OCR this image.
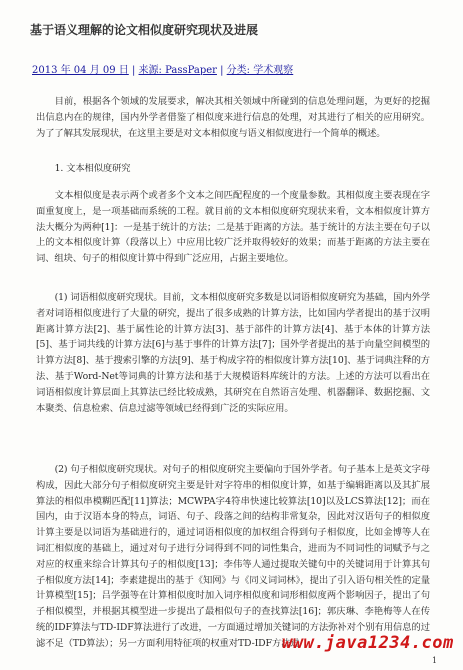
基于语义理解的论文相似度研究现状及进展
2013 年 04 月 09 日 | 来源: PassPaper | 分类: 学术观察

目前，根据各个领域的发展要求，解决其相关领域中所碰到的信息处理问题，为更好的挖掘出信息内在的规律，国内外学者借鉴了相似度来进行信息的处理，对其进行了相关的应用研究。为了了解其发展现状，在这里主要是对文本相似度与语义相似度进行一个简单的概述。

1. 文本相似度研究

文本相似度是表示两个或者多个文本之间匹配程度的一个度量参数。其相似度主要表现在字面重复度上，是一项基础而系统的工程。就目前的文本相似度研究现状来看，文本相似度计算方法大概分为两种[1]：一是基于统计的方法；二是基于距离的方法。基于统计的方法主要在句子以上的文本相似度计算（段落以上）中应用比较广泛并取得较好的效果；而基于距离的方法主要在词、组块、句子的相似度计算中得到广泛应用，占据主要地位。

(1) 词语相似度研究现状。目前，文本相似度研究多数是以词语相似度研究为基础，国内外学者对词语相似度进行了大量的研究，提出了很多成熟的计算方法，比如国内学者提出的基于汉明距离计算方法[2]、基于属性论的计算方法[3]、基于部件的计算方法[4]、基于本体的计算方法[5]、基于词共线的计算方法[6]与基于事件的计算方法[7]；国外学者提出的基于向量空间模型的计算方法[8]、基于搜索引擎的方法[9]、基于构成字符的相似度计算方法[10]、基于词典注释的方法、基于Word-Net等词典的计算方法和基于大规模语料库统计的方法。上述的方法可以看出在词语相似度计算层面上其算法已经比较成熟，其研究在自然语言处理、机器翻译、数据挖掘、文本聚类、信息检索、信息过滤等领域已经得到广泛的实际应用。

(2) 句子相似度研究现状。对句子的相似度研究主要偏向于国外学者。句子基本上是英文字母构成，因此大部分句子相似度研究主要是针对字符串的相似度计算，如基于编辑距离以及其扩展算法的相似串模糊匹配[11]算法；MCWPA字4符串快速比较算法[10]以及LCS算法[12]；而在国内，由于汉语本身的特点，词语、句子、段落之间的结构非常复杂，因此对汉语句子的相似度计算主要是以词语为基础进行的，通过词语相似度的加权组合得到句子相似度，比如金博等人在词汇相似度的基础上，通过对句子进行分词得到不同的词性集合，进而为不同词性的词赋予与之对应的权重来综合计算其句子的相似度[13]；李伟等人通过提取关键句中的关键词用于计算其句子相似度方法[14]；李素建提出的基于《知网》与《同义词词林》，提出了引入语句相关性的定量计算模型[15]；吕学强等在计算相似度时加入词序相似度和词形相似度两个影响因子，提出了句子相似模型，并根据其模型进一步提出了最相似句子的查找算法[16]；郭庆琳、李艳梅等人在传统的IDF算法与TD-IDF算法进行了改进，一方面通过增加关键词的方法弥补对个别有用信息的过滤不足（TD算法）；另一方面利用特征项的权重对TD-IDF方法进

www.java1234.com
1
